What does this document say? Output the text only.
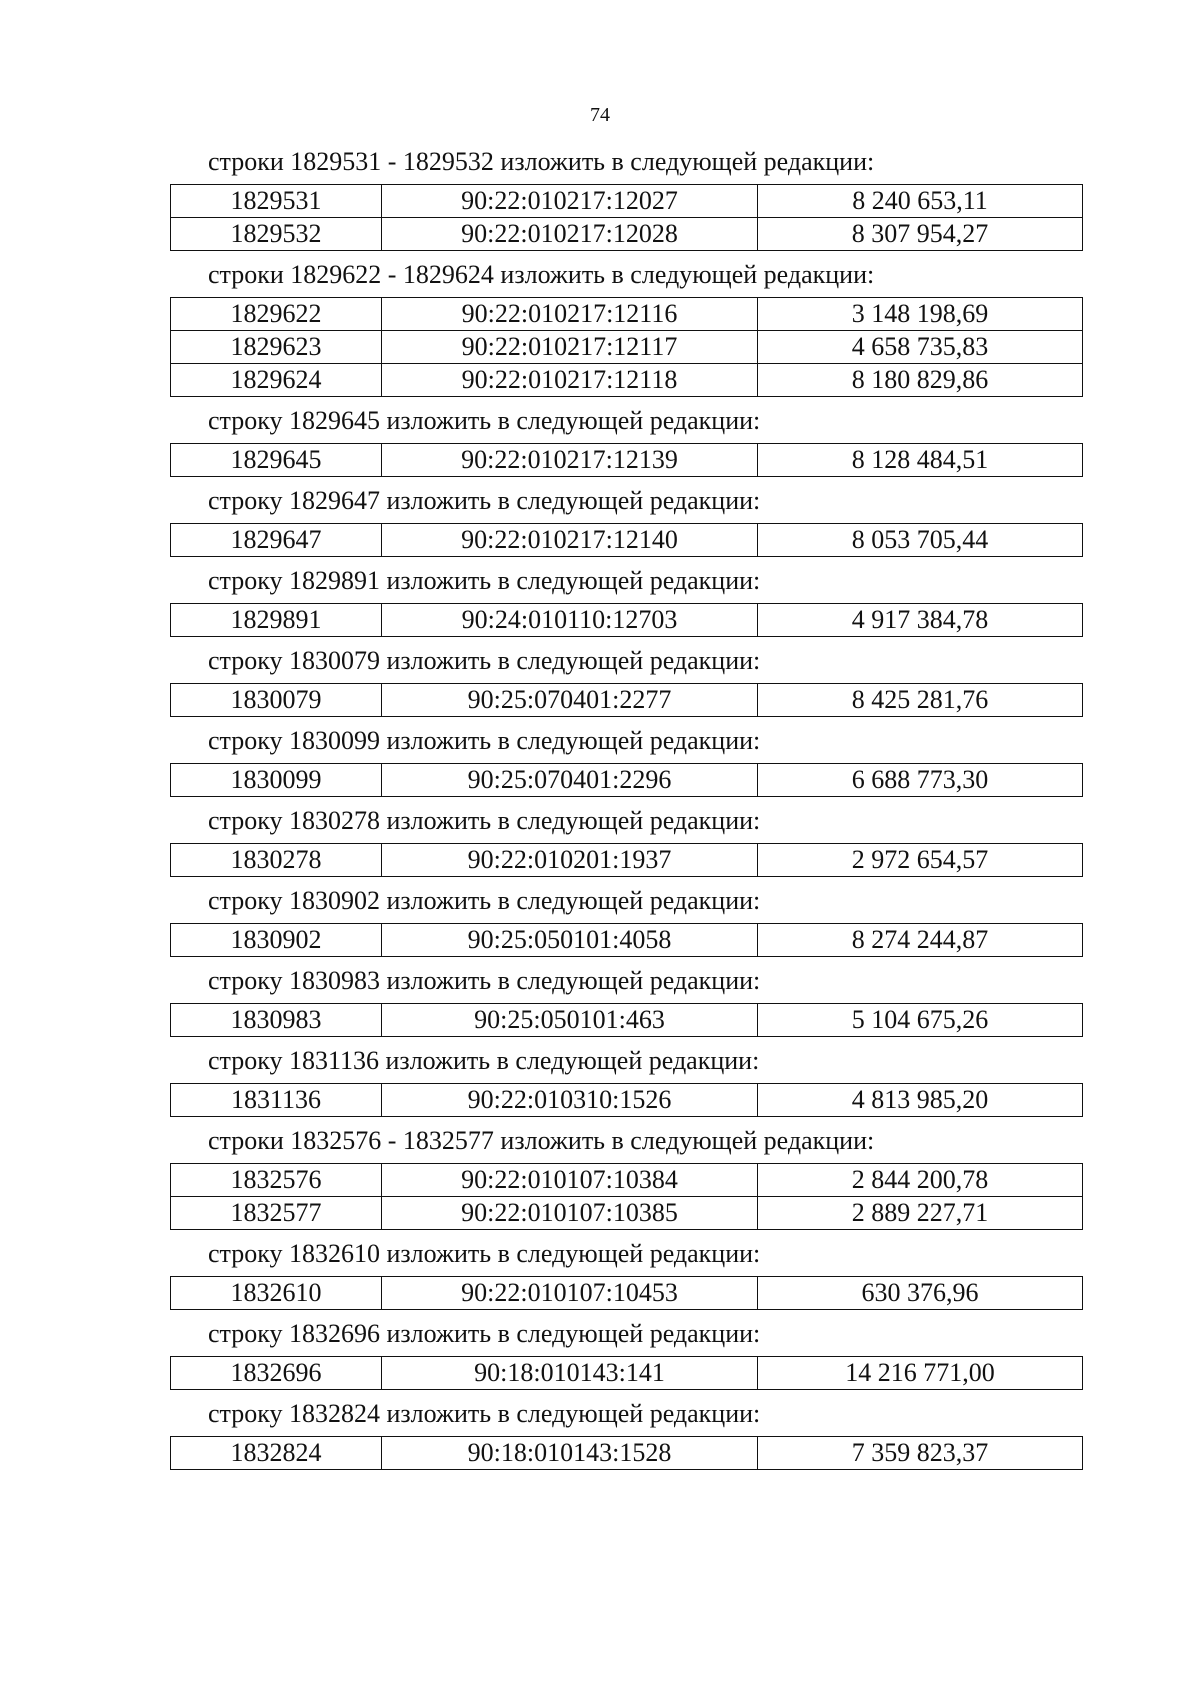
74
строки 1829531 - 1829532 изложить в следующей редакции:
1829531	90:22:010217:12027	8 240 653,11
1829532	90:22:010217:12028	8 307 954,27
строки 1829622 - 1829624 изложить в следующей редакции:
1829622	90:22:010217:12116	3 148 198,69
1829623	90:22:010217:12117	4 658 735,83
1829624	90:22:010217:12118	8 180 829,86
строку 1829645 изложить в следующей редакции:
1829645	90:22:010217:12139	8 128 484,51
строку 1829647 изложить в следующей редакции:
1829647	90:22:010217:12140	8 053 705,44
строку 1829891 изложить в следующей редакции:
1829891	90:24:010110:12703	4 917 384,78
строку 1830079 изложить в следующей редакции:
1830079	90:25:070401:2277	8 425 281,76
строку 1830099 изложить в следующей редакции:
1830099	90:25:070401:2296	6 688 773,30
строку 1830278 изложить в следующей редакции:
1830278	90:22:010201:1937	2 972 654,57
строку 1830902 изложить в следующей редакции:
1830902	90:25:050101:4058	8 274 244,87
строку 1830983 изложить в следующей редакции:
1830983	90:25:050101:463	5 104 675,26
строку 1831136 изложить в следующей редакции:
1831136	90:22:010310:1526	4 813 985,20
строки 1832576 - 1832577 изложить в следующей редакции:
1832576	90:22:010107:10384	2 844 200,78
1832577	90:22:010107:10385	2 889 227,71
строку 1832610 изложить в следующей редакции:
1832610	90:22:010107:10453	630 376,96
строку 1832696 изложить в следующей редакции:
1832696	90:18:010143:141	14 216 771,00
строку 1832824 изложить в следующей редакции:
1832824	90:18:010143:1528	7 359 823,37
